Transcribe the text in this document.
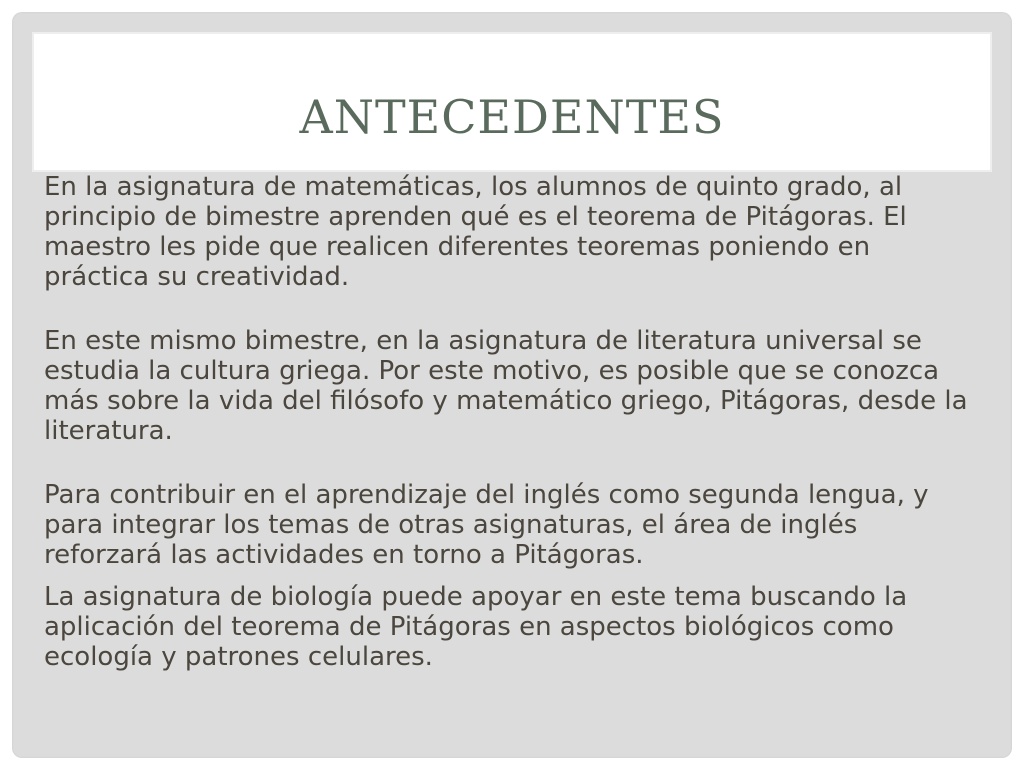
ANTECEDENTES

En la asignatura de matemáticas, los alumnos de quinto grado, al principio de bimestre aprenden qué es el teorema de Pitágoras. El maestro les pide que realicen diferentes teoremas poniendo en práctica su creatividad.

En este mismo bimestre, en la asignatura de literatura universal se estudia la cultura griega. Por este motivo, es posible que se conozca más sobre la vida del filósofo y matemático griego, Pitágoras, desde la literatura.

Para contribuir en el aprendizaje del inglés como segunda lengua, y para integrar los temas de otras asignaturas, el área de inglés reforzará las actividades en torno a Pitágoras.

La asignatura de biología puede apoyar en este tema buscando la aplicación del teorema de Pitágoras en aspectos biológicos como ecología y patrones celulares.
